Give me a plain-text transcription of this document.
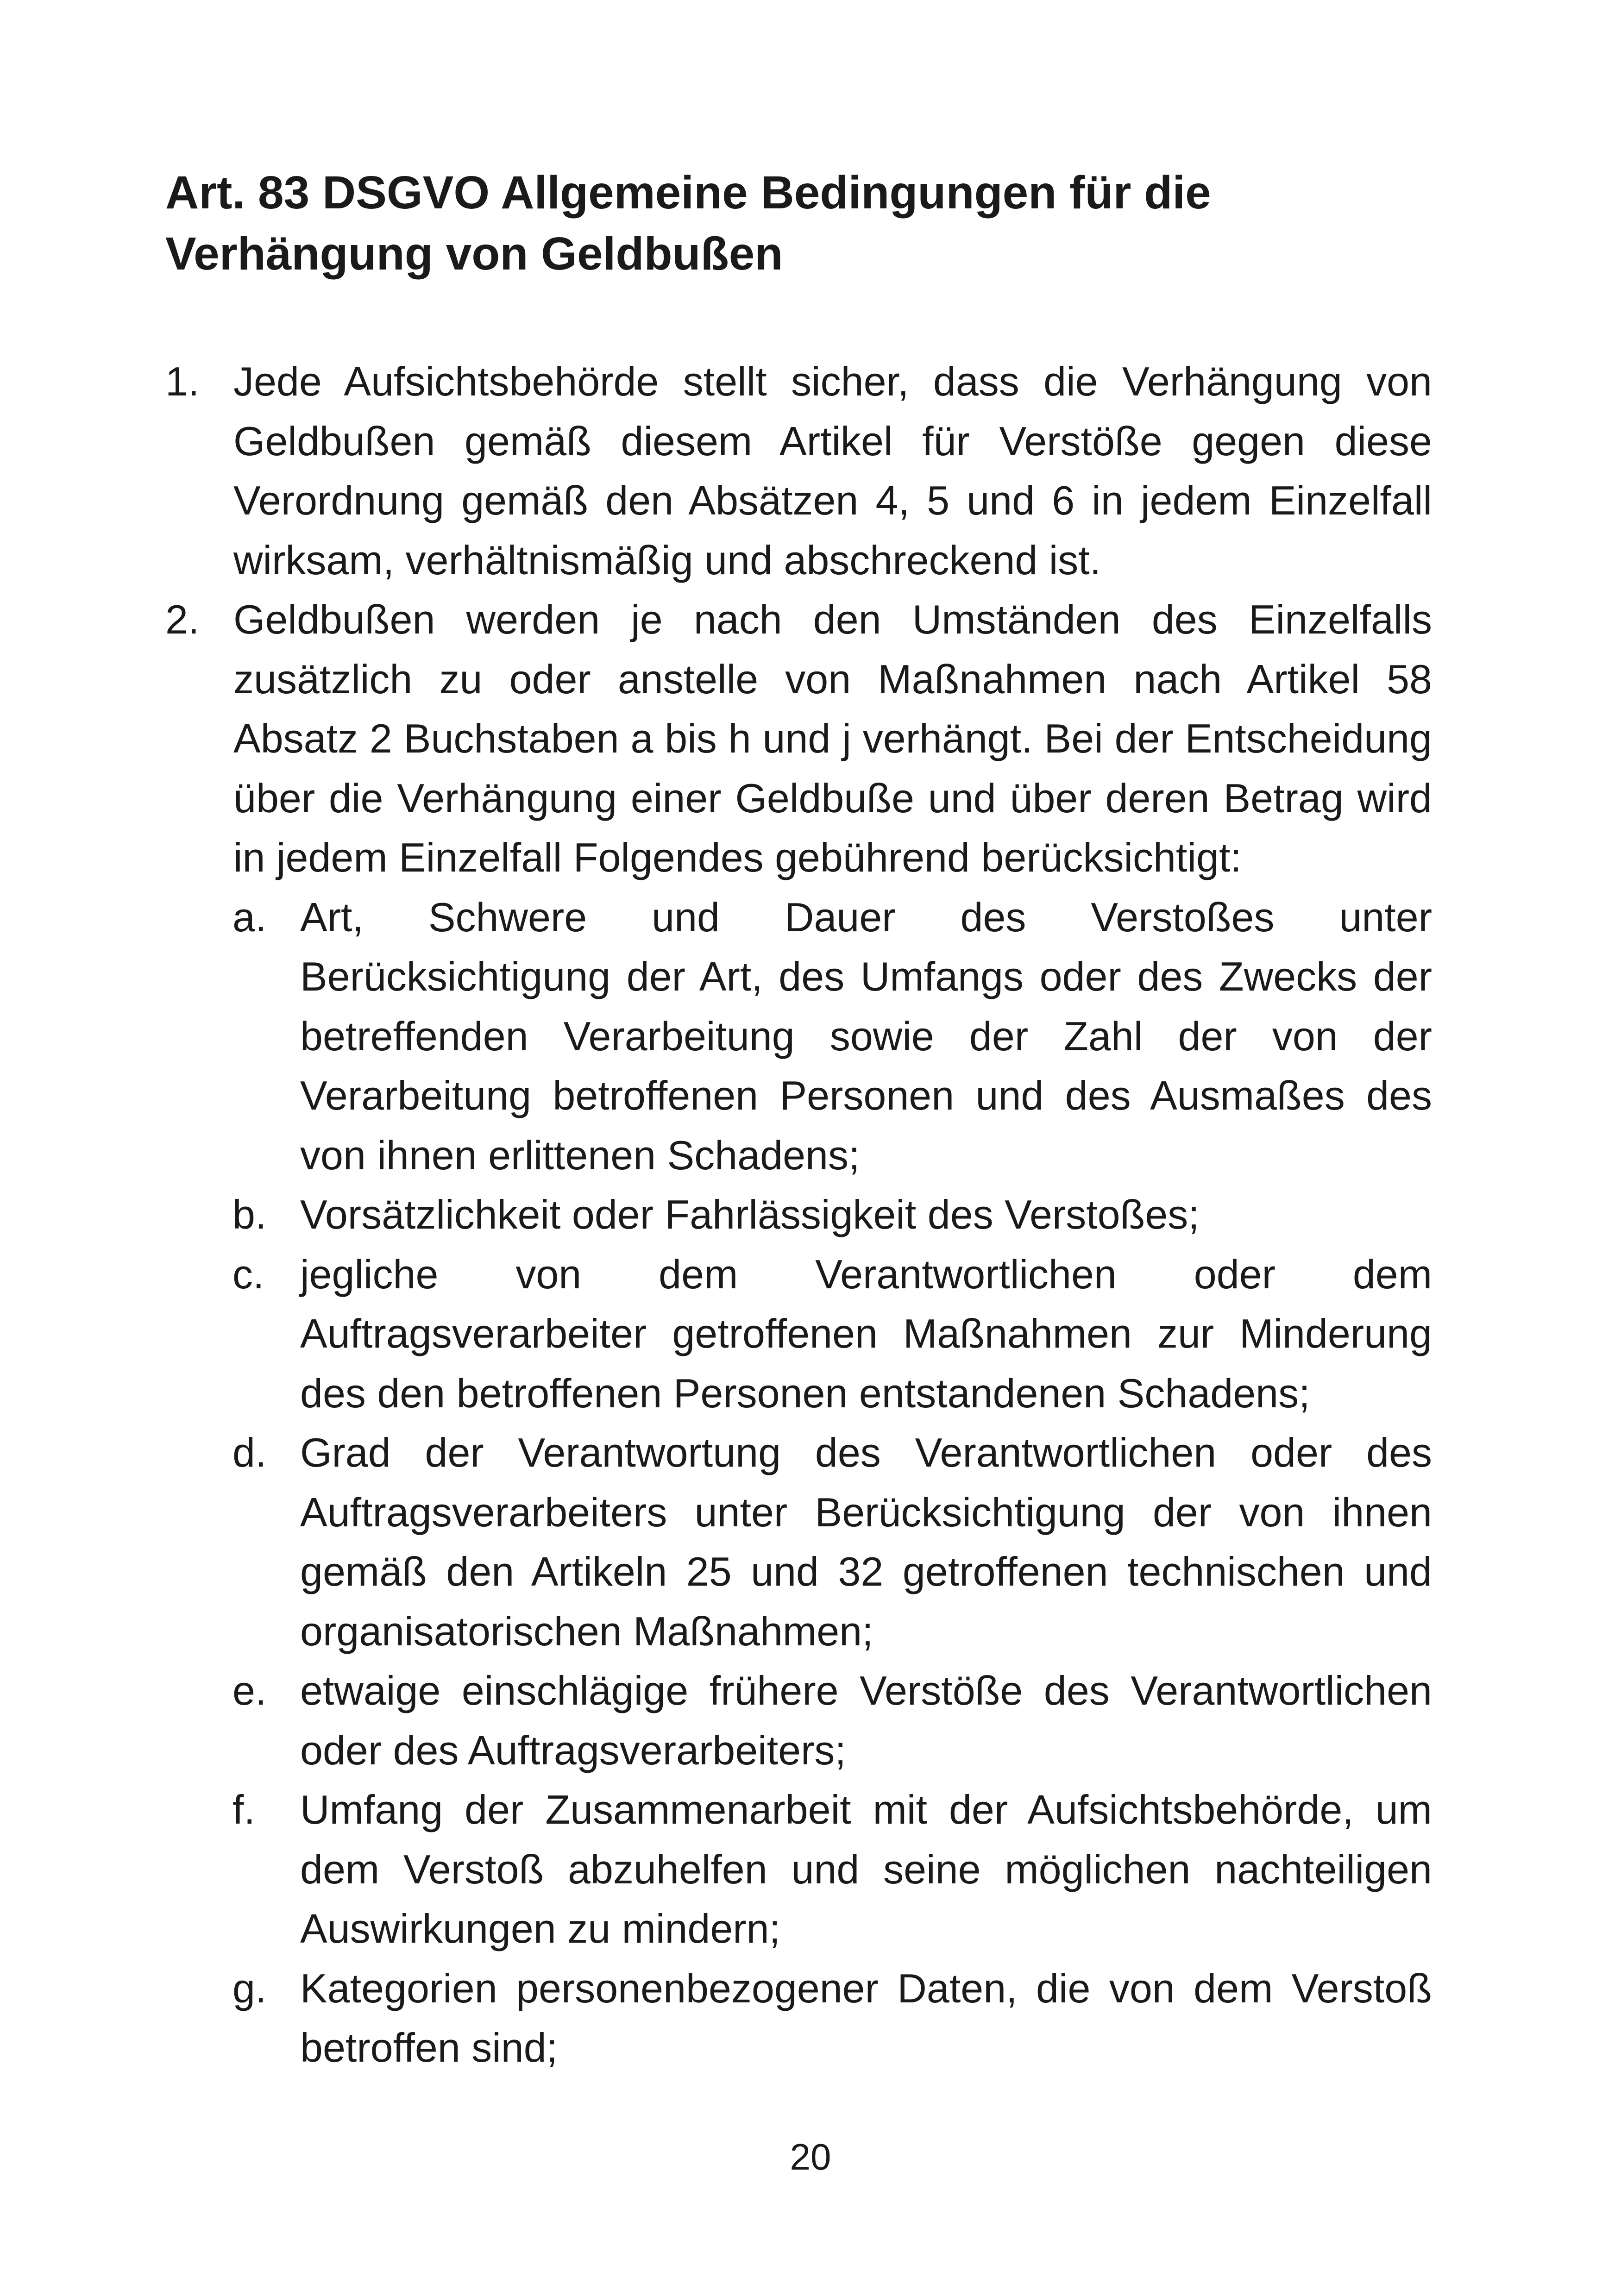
Art. 83 DSGVO Allgemeine Bedingungen für die
Verhängung von Geldbußen
1. Jede Aufsichtsbehörde stellt sicher, dass die Verhängung von Geldbußen gemäß diesem Artikel für Verstöße gegen diese Verordnung gemäß den Absätzen 4, 5 und 6 in jedem Einzelfall wirksam, verhältnismäßig und abschreckend ist.
2. Geldbußen werden je nach den Umständen des Einzelfalls zusätzlich zu oder anstelle von Maßnahmen nach Artikel 58 Absatz 2 Buchstaben a bis h und j verhängt. Bei der Entscheidung über die Verhängung einer Geldbuße und über deren Betrag wird in jedem Einzelfall Folgendes gebührend berücksichtigt:
a. Art, Schwere und Dauer des Verstoßes unter Berücksichtigung der Art, des Umfangs oder des Zwecks der betreffenden Verarbeitung sowie der Zahl der von der Verarbeitung betroffenen Personen und des Ausmaßes des von ihnen erlittenen Schadens;
b. Vorsätzlichkeit oder Fahrlässigkeit des Verstoßes;
c. jegliche von dem Verantwortlichen oder dem Auftragsverarbeiter getroffenen Maßnahmen zur Minderung des den betroffenen Personen entstandenen Schadens;
d. Grad der Verantwortung des Verantwortlichen oder des Auftragsverarbeiters unter Berücksichtigung der von ihnen gemäß den Artikeln 25 und 32 getroffenen technischen und organisatorischen Maßnahmen;
e. etwaige einschlägige frühere Verstöße des Verantwortlichen oder des Auftragsverarbeiters;
f. Umfang der Zusammenarbeit mit der Aufsichtsbehörde, um dem Verstoß abzuhelfen und seine möglichen nachteiligen Auswirkungen zu mindern;
g. Kategorien personenbezogener Daten, die von dem Verstoß betroffen sind;
20
